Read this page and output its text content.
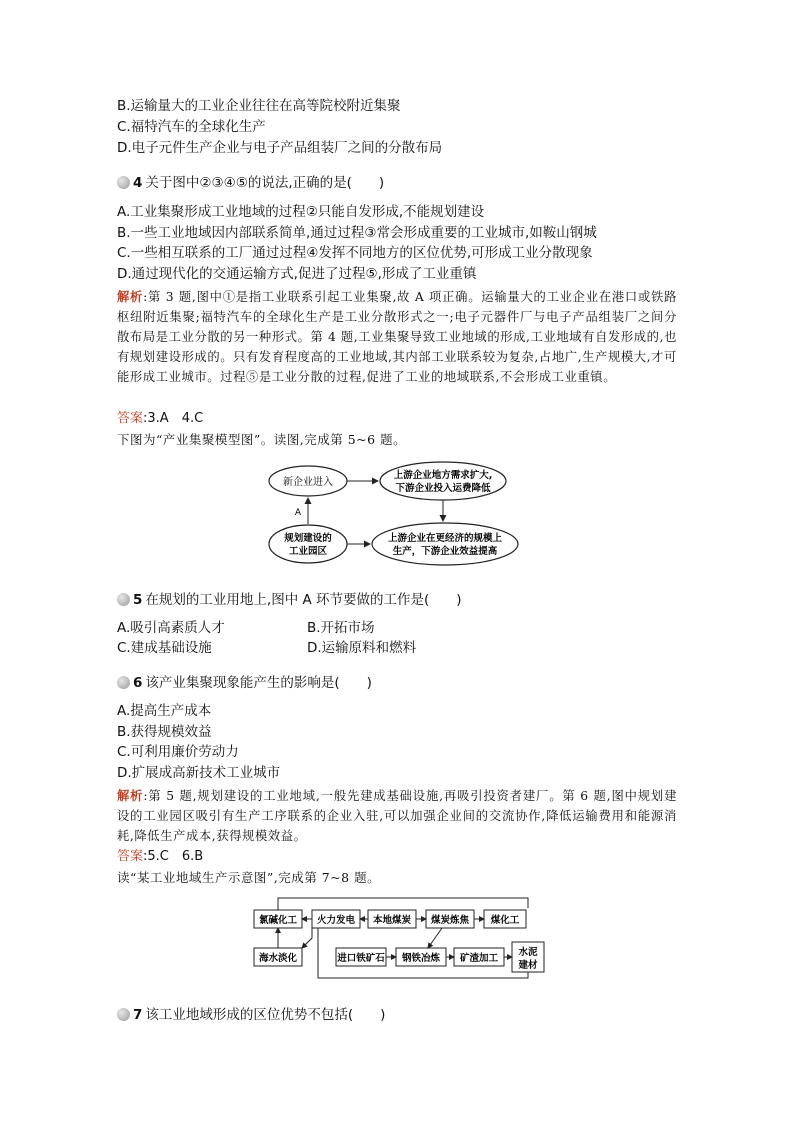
B.运输量大的工业企业往往在高等院校附近集聚
C.福特汽车的全球化生产
D.电子元件生产企业与电子产品组装厂之间的分散布局
4 关于图中②③④⑤的说法,正确的是(　　)
A.工业集聚形成工业地域的过程②只能自发形成,不能规划建设
B.一些工业地域因内部联系简单,通过过程③常会形成重要的工业城市,如鞍山钢城
C.一些相互联系的工厂通过过程④发挥不同地方的区位优势,可形成工业分散现象
D.通过现代化的交通运输方式,促进了过程⑤,形成了工业重镇
解析:第 3 题,图中①是指工业联系引起工业集聚,故 A 项正确。运输量大的工业企业在港口或铁路枢纽附近集聚;福特汽车的全球化生产是工业分散形式之一;电子元器件厂与电子产品组装厂之间分散布局是工业分散的另一种形式。第 4 题,工业集聚导致工业地域的形成,工业地域有自发形成的,也有规划建设形成的。只有发育程度高的工业地域,其内部工业联系较为复杂,占地广,生产规模大,才可能形成工业城市。过程⑤是工业分散的过程,促进了工业的地域联系,不会形成工业重镇。
答案:3.A　4.C
下图为“产业集聚模型图”。读图,完成第 5~6 题。
新企业进入
上游企业地方需求扩大,
下游企业投入运费降低
规划建设的
工业园区
上游企业在更经济的规模上
生产，下游企业效益提高
A
5 在规划的工业用地上,图中 A 环节要做的工作是(　　)
A.吸引高素质人才	B.开拓市场
C.建成基础设施	D.运输原料和燃料
6 该产业集聚现象能产生的影响是(　　)
A.提高生产成本
B.获得规模效益
C.可利用廉价劳动力
D.扩展成高新技术工业城市
解析:第 5 题,规划建设的工业地域,一般先建成基础设施,再吸引投资者建厂。第 6 题,图中规划建设的工业园区吸引有生产工序联系的企业入驻,可以加强企业间的交流协作,降低运输费用和能源消耗,降低生产成本,获得规模效益。
答案:5.C　6.B
读“某工业地域生产示意图”,完成第 7~8 题。
氯碱化工 火力发电 本地煤炭 煤炭炼焦 煤化工
海水淡化	进口铁矿石 钢铁冶炼 矿渣加工
水泥
建材
7 该工业地域形成的区位优势不包括(　　)
